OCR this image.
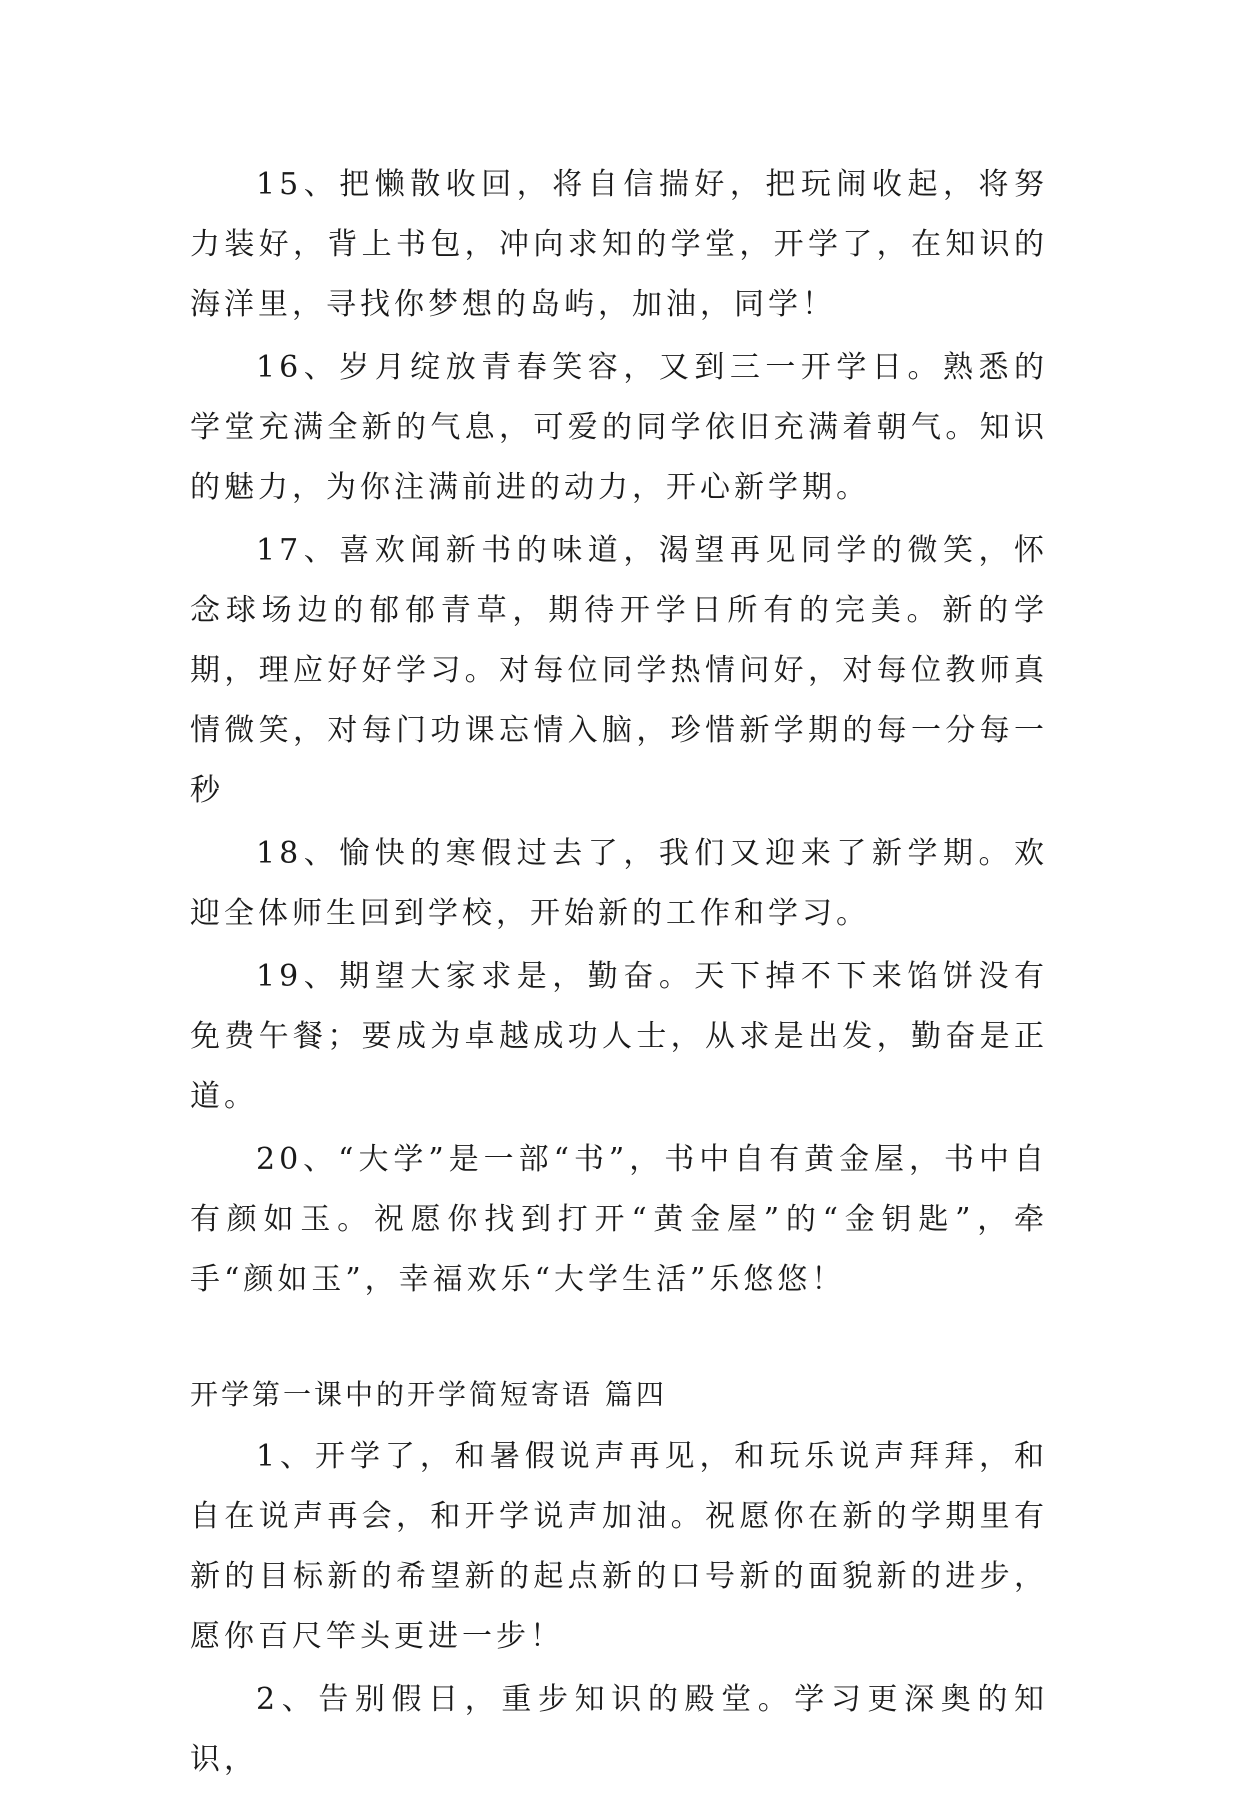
15、把懒散收回，将自信揣好，把玩闹收起，将努力装好，背上书包，冲向求知的学堂，开学了，在知识的海洋里，寻找你梦想的岛屿，加油，同学！

16、岁月绽放青春笑容，又到三一开学日。熟悉的学堂充满全新的气息，可爱的同学依旧充满着朝气。知识的魅力，为你注满前进的动力，开心新学期。

17、喜欢闻新书的味道，渴望再见同学的微笑，怀念球场边的郁郁青草，期待开学日所有的完美。新的学期，理应好好学习。对每位同学热情问好，对每位教师真情微笑，对每门功课忘情入脑，珍惜新学期的每一分每一秒

18、愉快的寒假过去了，我们又迎来了新学期。欢迎全体师生回到学校，开始新的工作和学习。

19、期望大家求是，勤奋。天下掉不下来馅饼没有免费午餐；要成为卓越成功人士，从求是出发，勤奋是正道。

20、“大学”是一部“书”，书中自有黄金屋，书中自有颜如玉。祝愿你找到打开“黄金屋”的“金钥匙”，牵手“颜如玉”，幸福欢乐“大学生活”乐悠悠！

开学第一课中的开学简短寄语 篇四

1、开学了，和暑假说声再见，和玩乐说声拜拜，和自在说声再会，和开学说声加油。祝愿你在新的学期里有新的目标新的希望新的起点新的口号新的面貌新的进步，愿你百尺竿头更进一步！

2、告别假日，重步知识的殿堂。学习更深奥的知识，
